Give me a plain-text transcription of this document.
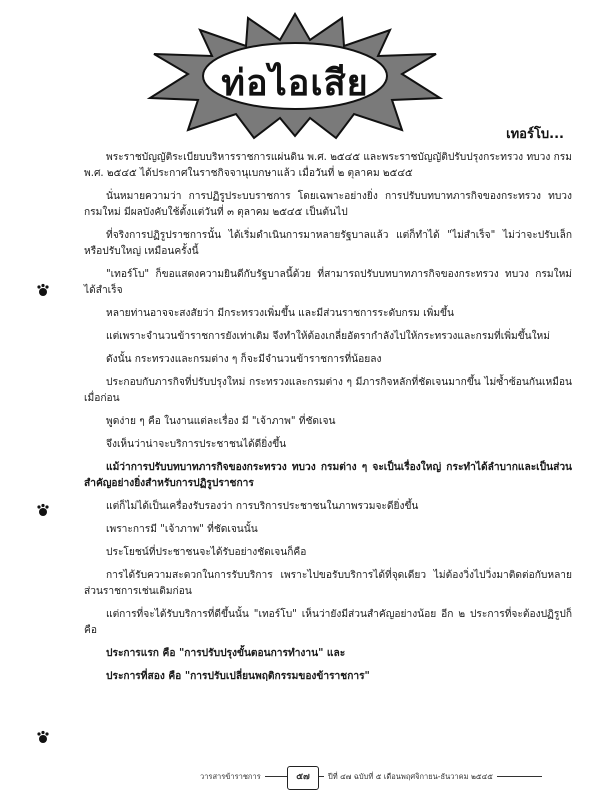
ท่อไอเสีย
เทอร์โบ...

พระราชบัญญัติระเบียบบริหารราชการแผ่นดิน พ.ศ. ๒๕๔๕ และพระราชบัญญัติปรับปรุงกระทรวง ทบวง กรม พ.ศ. ๒๕๔๕ ได้ประกาศในราชกิจจานุเบกษาแล้ว เมื่อวันที่ ๒ ตุลาคม ๒๕๔๕

นั่นหมายความว่า การปฏิรูประบบราชการ โดยเฉพาะอย่างยิ่ง การปรับบทบาทภารกิจของกระทรวง ทบวง กรมใหม่ มีผลบังคับใช้ตั้งแต่วันที่ ๓ ตุลาคม ๒๕๔๕ เป็นต้นไป

ที่จริงการปฏิรูปราชการนั้น ได้เริ่มดำเนินการมาหลายรัฐบาลแล้ว แต่ก็ทำได้ "ไม่สำเร็จ" ไม่ว่าจะปรับเล็กหรือปรับใหญ่ เหมือนครั้งนี้

"เทอร์โบ" ก็ขอแสดงความยินดีกับรัฐบาลนี้ด้วย ที่สามารถปรับบทบาทภารกิจของกระทรวง ทบวง กรมใหม่ ได้สำเร็จ

หลายท่านอาจจะสงสัยว่า มีกระทรวงเพิ่มขึ้น และมีส่วนราชการระดับกรม เพิ่มขึ้น

แต่เพราะจำนวนข้าราชการยังเท่าเดิม จึงทำให้ต้องเกลี่ยอัตรากำลังไปให้กระทรวงและกรมที่เพิ่มขึ้นใหม่

ดังนั้น กระทรวงและกรมต่าง ๆ ก็จะมีจำนวนข้าราชการที่น้อยลง

ประกอบกับภารกิจที่ปรับปรุงใหม่ กระทรวงและกรมต่าง ๆ มีภารกิจหลักที่ชัดเจนมากขึ้น ไม่ซ้ำซ้อนกันเหมือนเมื่อก่อน

พูดง่าย ๆ คือ ในงานแต่ละเรื่อง มี "เจ้าภาพ" ที่ชัดเจน

จึงเห็นว่าน่าจะบริการประชาชนได้ดียิ่งขึ้น

แม้ว่าการปรับบทบาทภารกิจของกระทรวง ทบวง กรมต่าง ๆ จะเป็นเรื่องใหญ่ กระทำได้ลำบากและเป็นส่วนสำคัญอย่างยิ่งสำหรับการปฏิรูปราชการ

แต่ก็ไม่ได้เป็นเครื่องรับรองว่า การบริการประชาชนในภาพรวมจะดียิ่งขึ้น

เพราะการมี "เจ้าภาพ" ที่ชัดเจนนั้น

ประโยชน์ที่ประชาชนจะได้รับอย่างชัดเจนก็คือ

การได้รับความสะดวกในการรับบริการ เพราะไปขอรับบริการได้ที่จุดเดียว ไม่ต้องวิ่งไปวิ่งมาติดต่อกับหลายส่วนราชการเช่นเดิมก่อน

แต่การที่จะได้รับบริการที่ดีขึ้นนั้น "เทอร์โบ" เห็นว่ายังมีส่วนสำคัญอย่างน้อย อีก ๒ ประการที่จะต้องปฏิรูปก็คือ

ประการแรก คือ "การปรับปรุงขั้นตอนการทำงาน" และ

ประการที่สอง คือ "การปรับเปลี่ยนพฤติกรรมของข้าราชการ"

วารสารข้าราชการ	๕๗	ปีที่ ๔๗ ฉบับที่ ๕ เดือนพฤศจิกายน-ธันวาคม ๒๕๔๕
